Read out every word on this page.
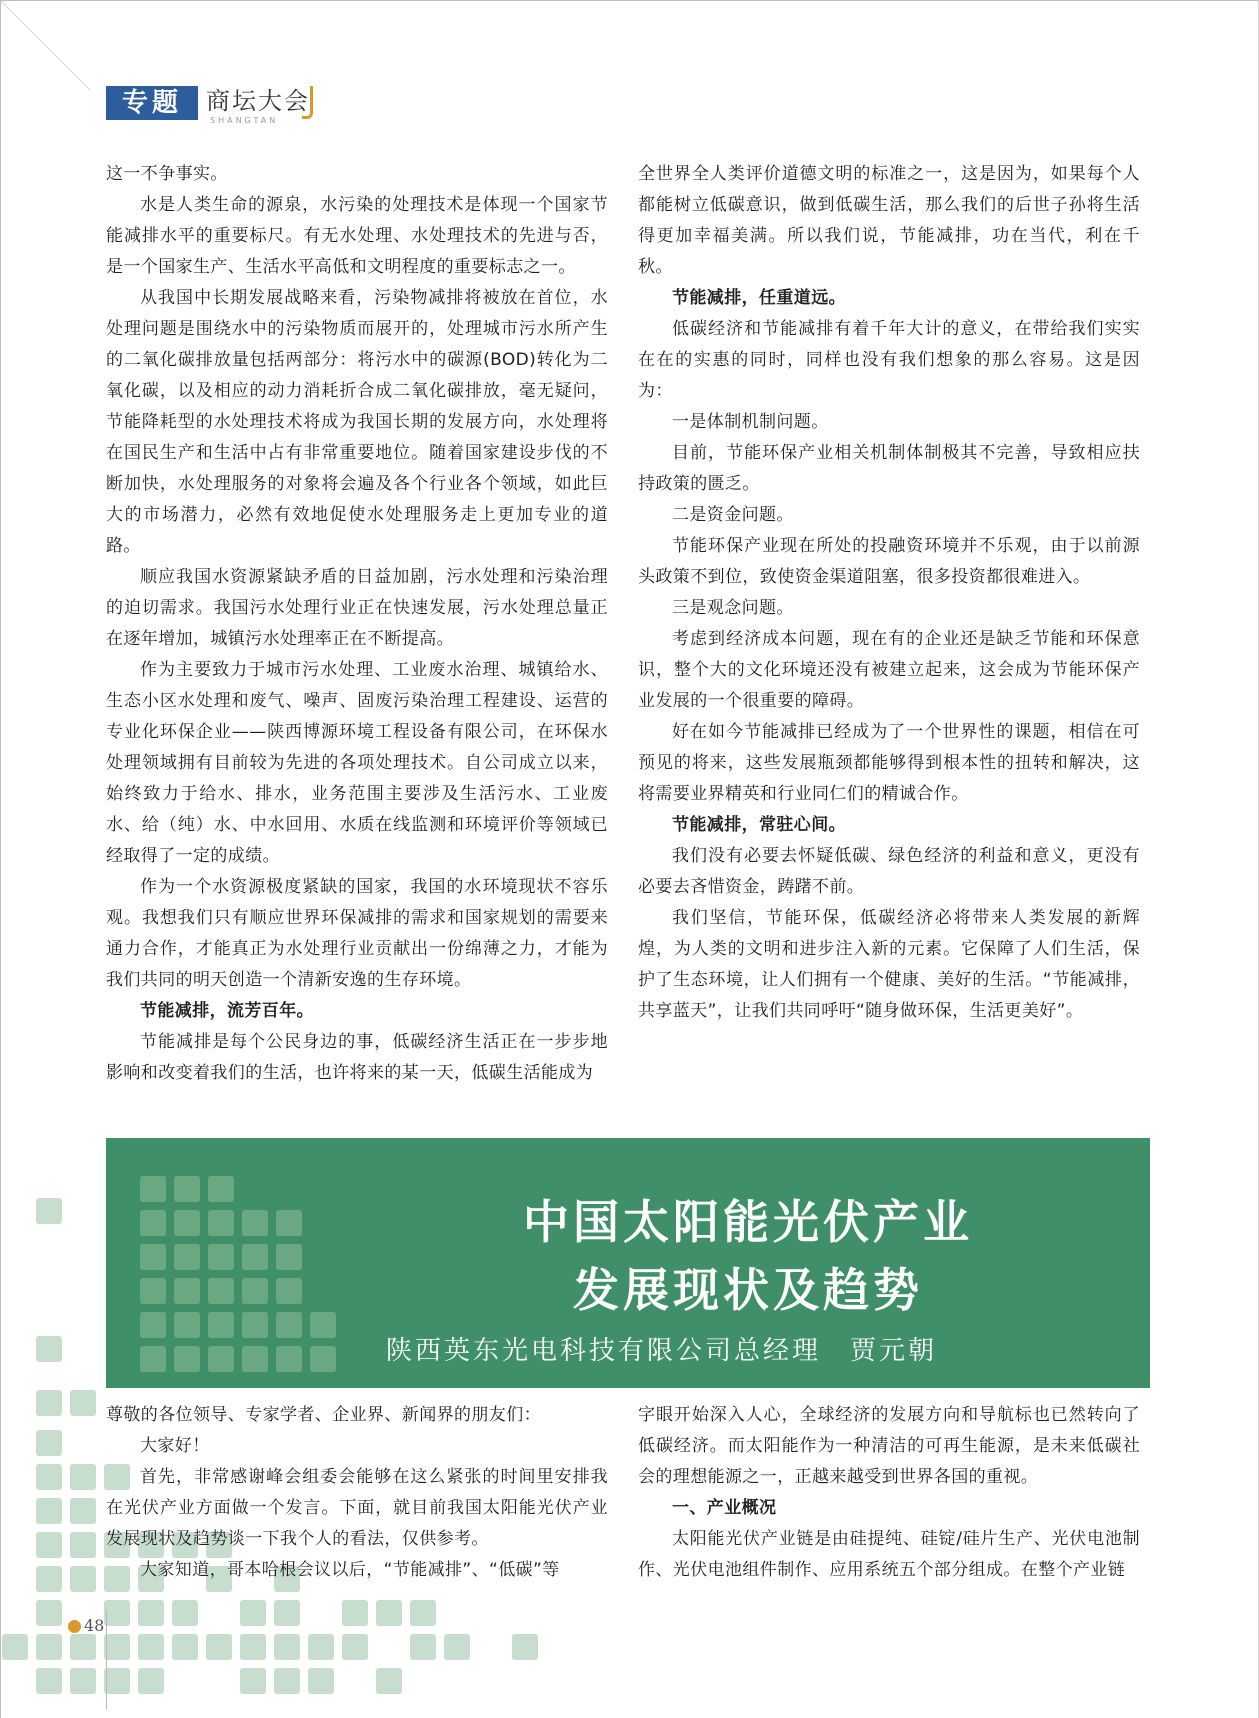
专题	商坛大会
SHANGTAN

这一不争事实。

水是人类生命的源泉，水污染的处理技术是体现一个国家节能减排水平的重要标尺。有无水处理、水处理技术的先进与否，是一个国家生产、生活水平高低和文明程度的重要标志之一。

从我国中长期发展战略来看，污染物减排将被放在首位，水处理问题是围绕水中的污染物质而展开的，处理城市污水所产生的二氧化碳排放量包括两部分：将污水中的碳源(BOD)转化为二氧化碳，以及相应的动力消耗折合成二氧化碳排放，毫无疑问，节能降耗型的水处理技术将成为我国长期的发展方向，水处理将在国民生产和生活中占有非常重要地位。随着国家建设步伐的不断加快，水处理服务的对象将会遍及各个行业各个领域，如此巨大的市场潜力，必然有效地促使水处理服务走上更加专业的道路。

顺应我国水资源紧缺矛盾的日益加剧，污水处理和污染治理的迫切需求。我国污水处理行业正在快速发展，污水处理总量正在逐年增加，城镇污水处理率正在不断提高。

作为主要致力于城市污水处理、工业废水治理、城镇给水、生态小区水处理和废气、噪声、固废污染治理工程建设、运营的专业化环保企业——陕西博源环境工程设备有限公司，在环保水处理领域拥有目前较为先进的各项处理技术。自公司成立以来，始终致力于给水、排水，业务范围主要涉及生活污水、工业废水、给（纯）水、中水回用、水质在线监测和环境评价等领域已经取得了一定的成绩。

作为一个水资源极度紧缺的国家，我国的水环境现状不容乐观。我想我们只有顺应世界环保减排的需求和国家规划的需要来通力合作，才能真正为水处理行业贡献出一份绵薄之力，才能为我们共同的明天创造一个清新安逸的生存环境。

节能减排，流芳百年。

节能减排是每个公民身边的事，低碳经济生活正在一步步地影响和改变着我们的生活，也许将来的某一天，低碳生活能成为

全世界全人类评价道德文明的标准之一，这是因为，如果每个人都能树立低碳意识，做到低碳生活，那么我们的后世子孙将生活得更加幸福美满。所以我们说，节能减排，功在当代，利在千秋。

节能减排，任重道远。

低碳经济和节能减排有着千年大计的意义，在带给我们实实在在的实惠的同时，同样也没有我们想象的那么容易。这是因为：

一是体制机制问题。

目前，节能环保产业相关机制体制极其不完善，导致相应扶持政策的匮乏。

二是资金问题。

节能环保产业现在所处的投融资环境并不乐观，由于以前源头政策不到位，致使资金渠道阻塞，很多投资都很难进入。

三是观念问题。

考虑到经济成本问题，现在有的企业还是缺乏节能和环保意识，整个大的文化环境还没有被建立起来，这会成为节能环保产业发展的一个很重要的障碍。

好在如今节能减排已经成为了一个世界性的课题，相信在可预见的将来，这些发展瓶颈都能够得到根本性的扭转和解决，这将需要业界精英和行业同仁们的精诚合作。

节能减排，常驻心间。

我们没有必要去怀疑低碳、绿色经济的利益和意义，更没有必要去吝惜资金，踌躇不前。

我们坚信，节能环保，低碳经济必将带来人类发展的新辉煌，为人类的文明和进步注入新的元素。它保障了人们生活，保护了生态环境，让人们拥有一个健康、美好的生活。“节能减排，共享蓝天”，让我们共同呼吁“随身做环保，生活更美好”。

中国太阳能光伏产业
发展现状及趋势
陕西英东光电科技有限公司总经理　贾元朝

尊敬的各位领导、专家学者、企业界、新闻界的朋友们：

大家好！

首先，非常感谢峰会组委会能够在这么紧张的时间里安排我在光伏产业方面做一个发言。下面，就目前我国太阳能光伏产业发展现状及趋势谈一下我个人的看法，仅供参考。

大家知道，哥本哈根会议以后，“节能减排”、“低碳”等

字眼开始深入人心，全球经济的发展方向和导航标也已然转向了低碳经济。而太阳能作为一种清洁的可再生能源，是未来低碳社会的理想能源之一，正越来越受到世界各国的重视。

一、产业概况

太阳能光伏产业链是由硅提纯、硅锭/硅片生产、光伏电池制作、光伏电池组件制作、应用系统五个部分组成。在整个产业链

48
